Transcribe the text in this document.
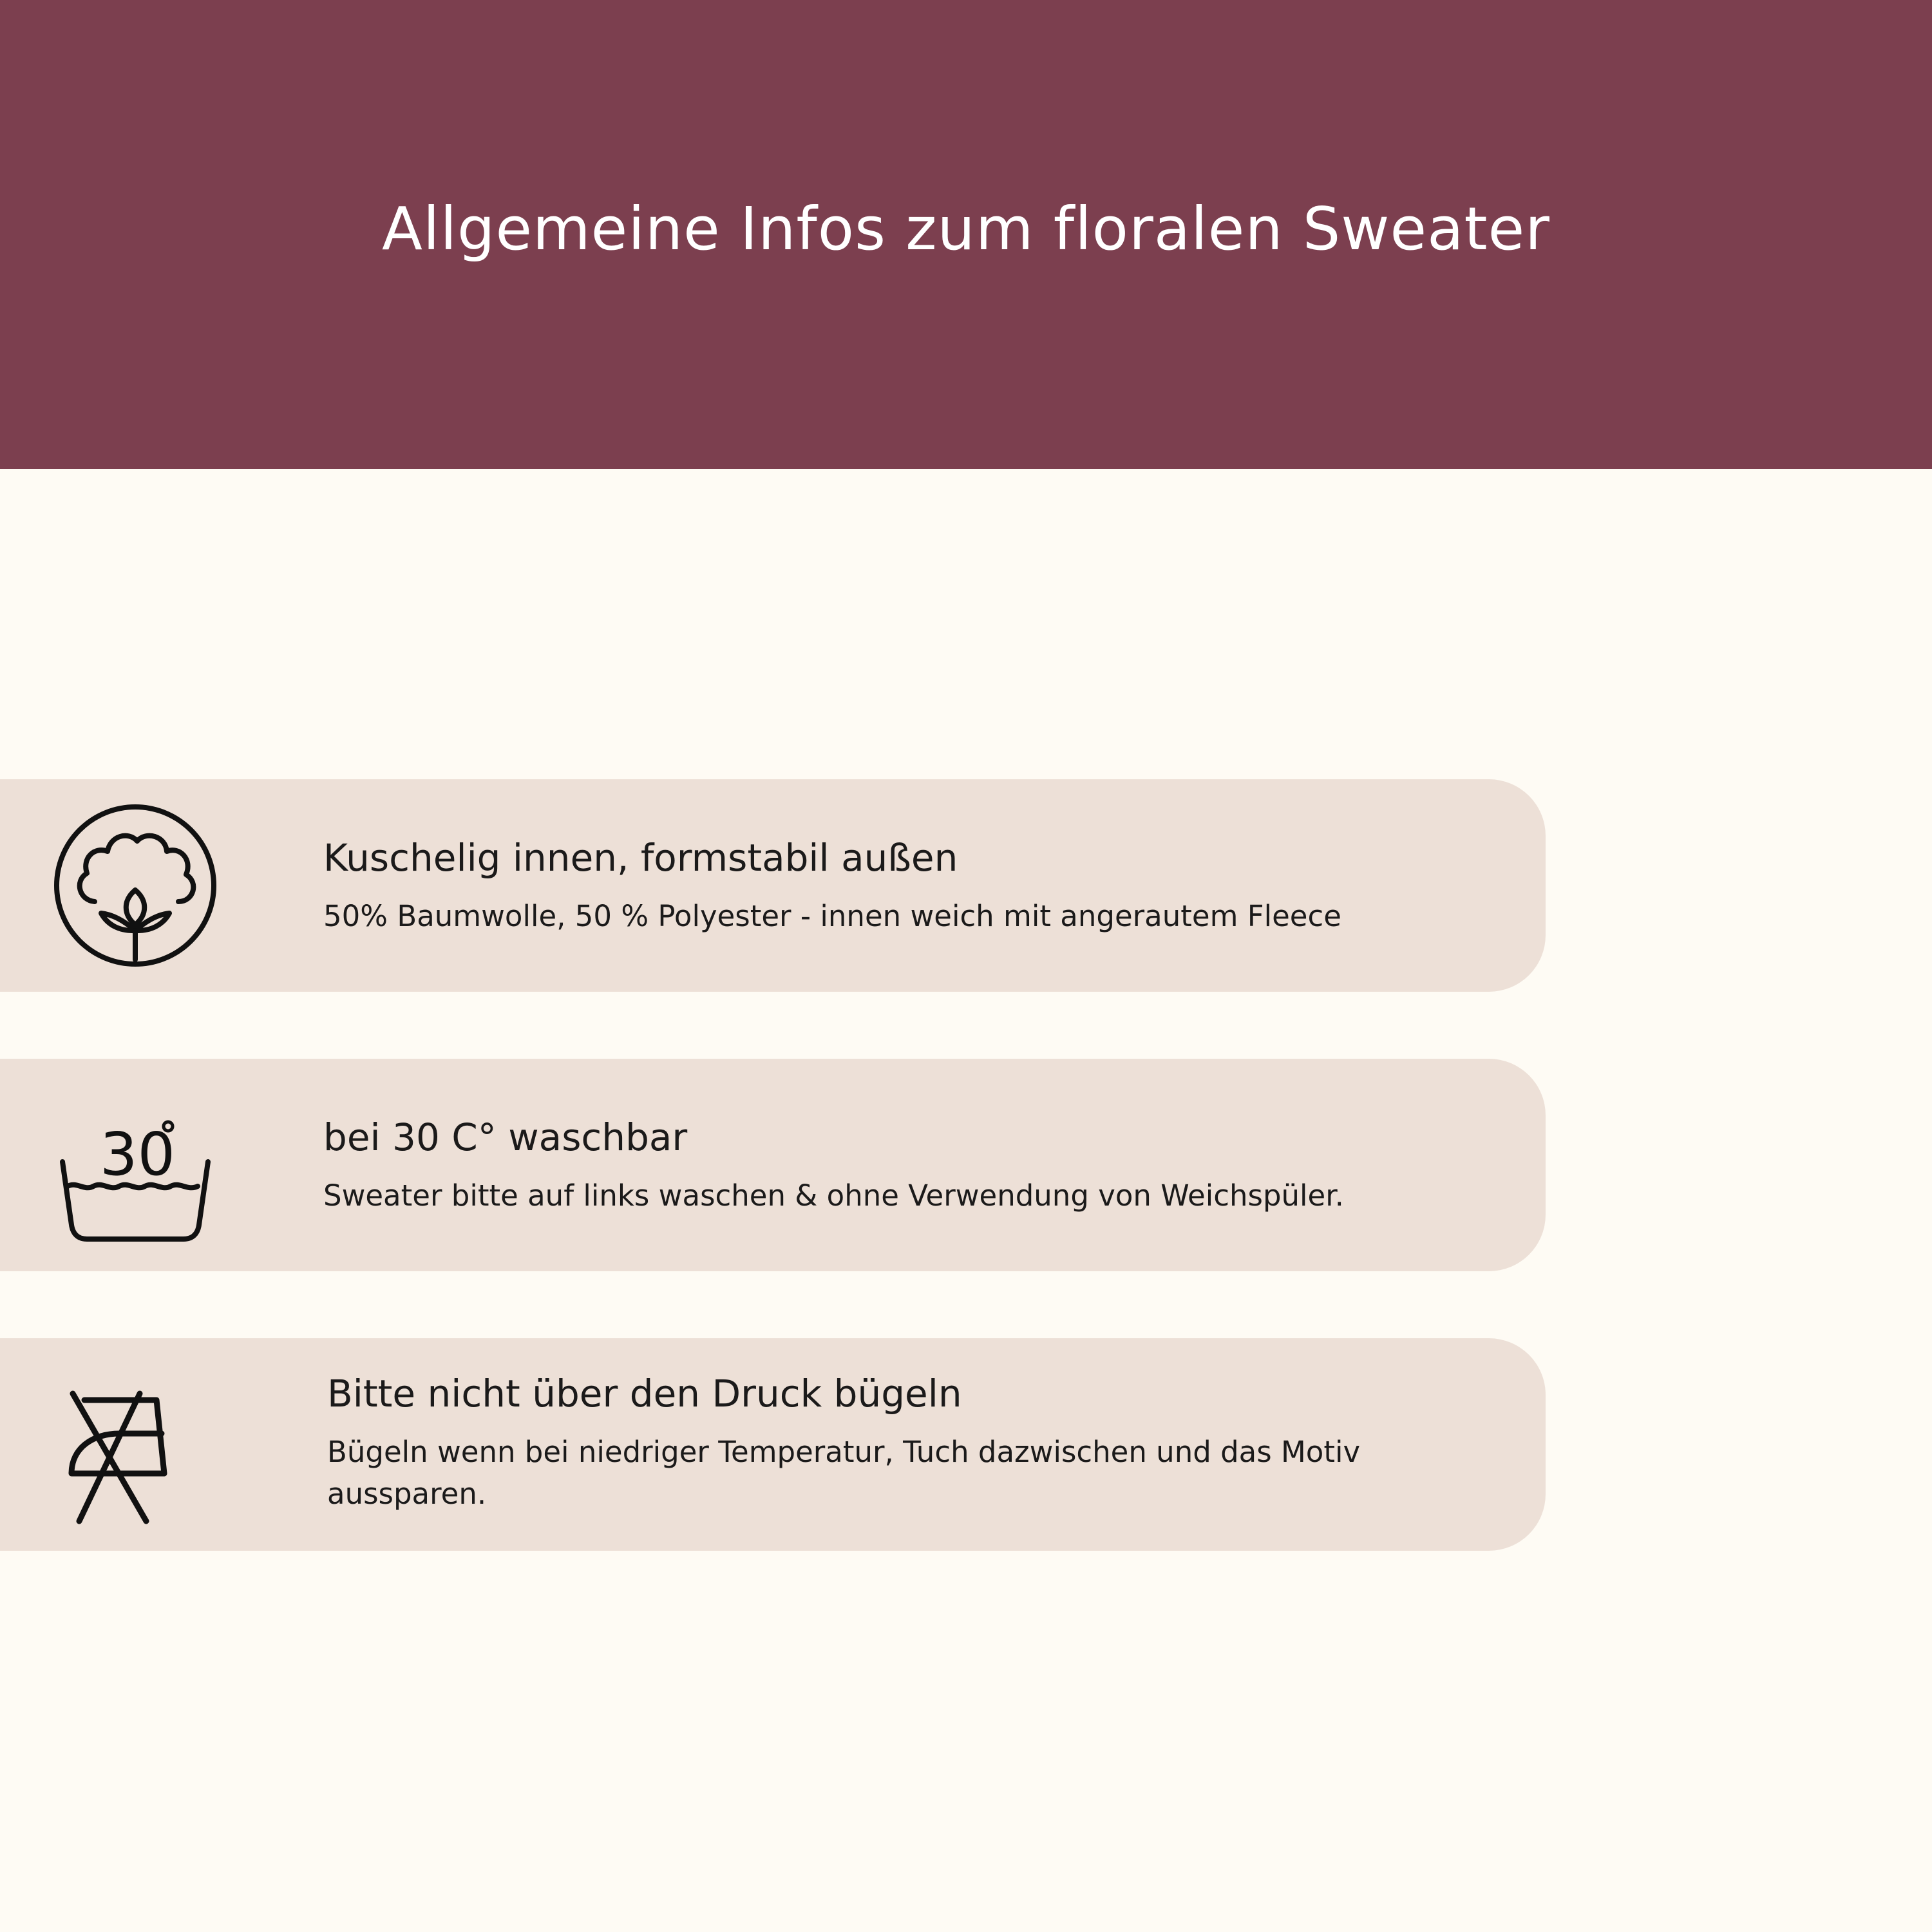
Allgemeine Infos zum floralen Sweater
Kuschelig innen, formstabil außen
50% Baumwolle, 50 % Polyester - innen weich mit angerautem Fleece
30	bei 30 C° waschbar
Sweater bitte auf links waschen & ohne Verwendung von Weichspüler.
Bitte nicht über den Druck bügeln
Bügeln wenn bei niedriger Temperatur, Tuch dazwischen und das Motiv aussparen.
